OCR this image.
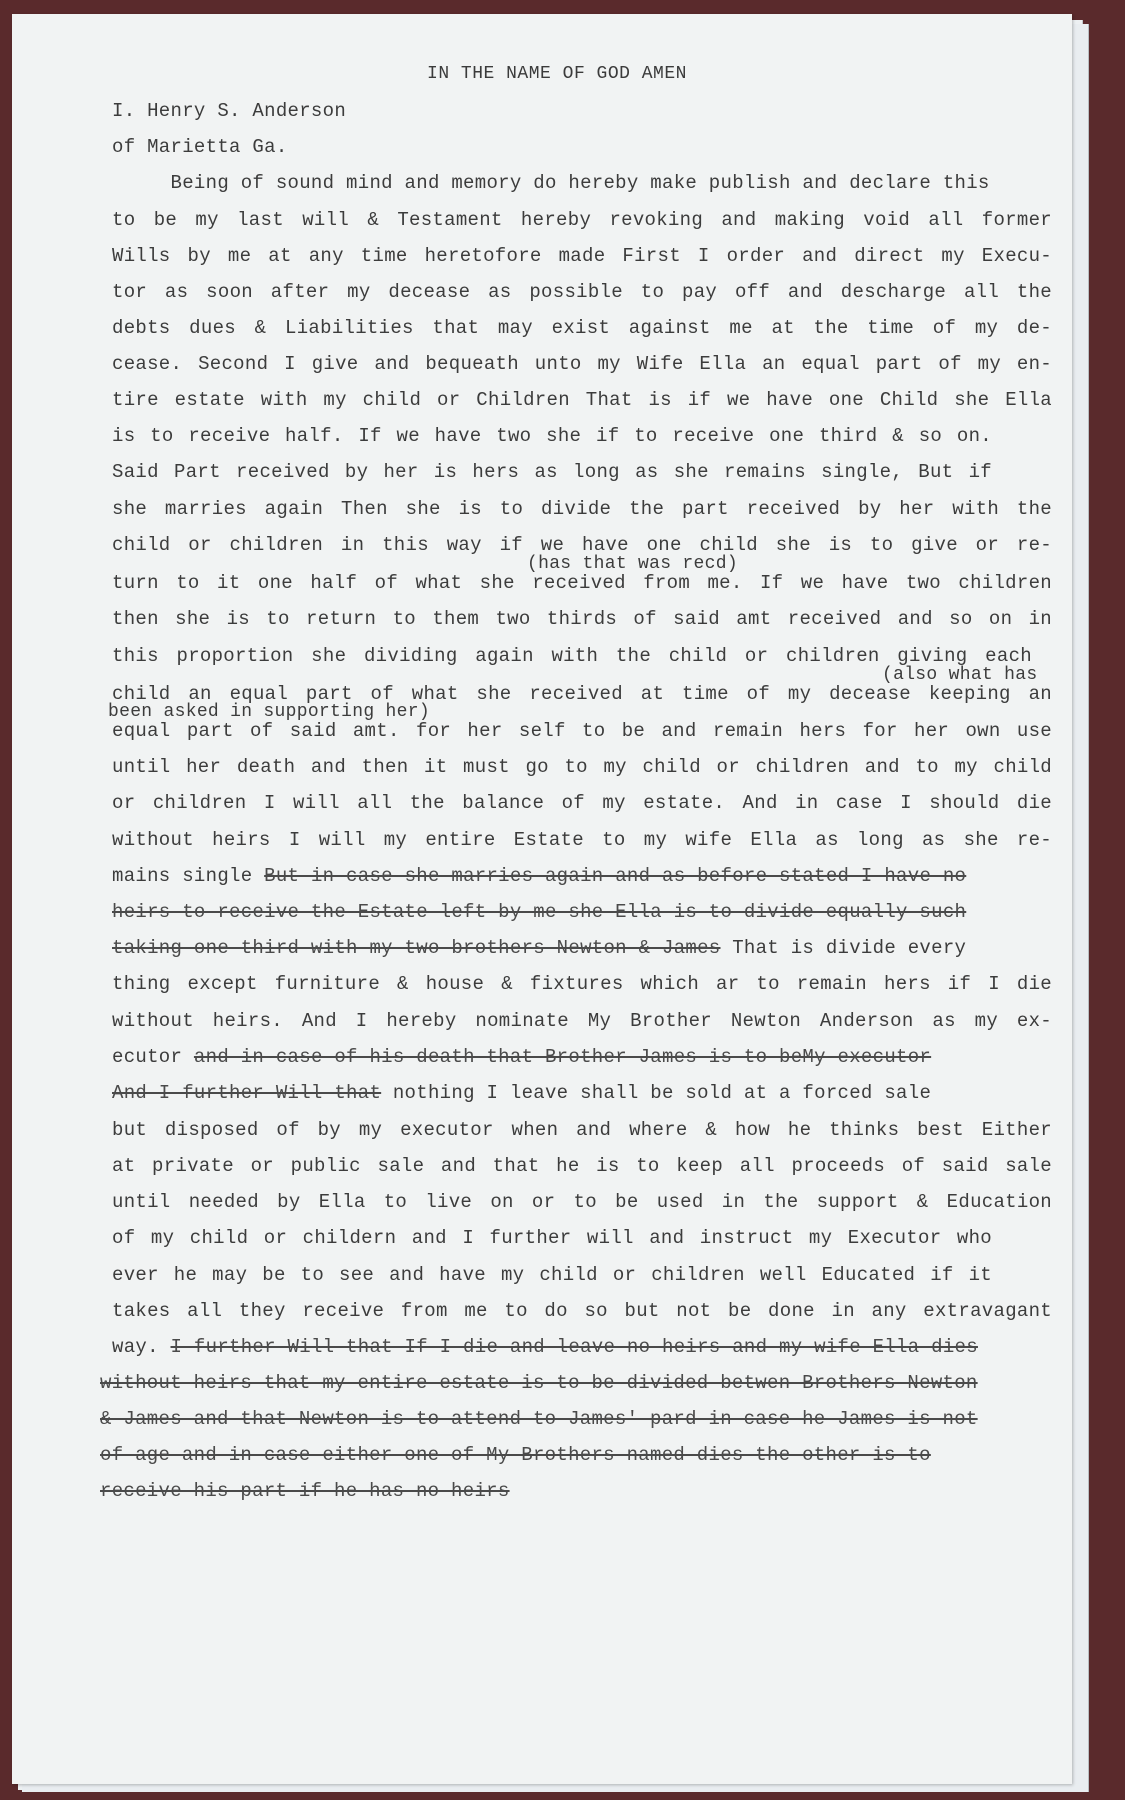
IN THE NAME OF GOD AMEN
I. Henry S. Anderson
of Marietta Ga.
Being of sound mind and memory do hereby make publish and declare this
to be my last will & Testament hereby revoking and making void all former
Wills by me at any time heretofore made First I order and direct my Execu-
tor as soon after my decease as possible to pay off and descharge all the
debts dues & Liabilities that may exist against me at the time of my de-
cease. Second I give and bequeath unto my Wife Ella an equal part of my en-
tire estate with my child or Children That is if we have one Child she Ella
is to receive half. If we have two she if to receive one third & so on.
Said Part received by her is hers as long as she remains single, But if
she marries again Then she is to divide the part received by her with the
child or children in this way if we have one child she is to give or re-
(has that was recd)
turn to it one half of what she received from me. If we have two children
then she is to return to them two thirds of said amt received and so on in
this proportion she dividing again with the child or children giving each
(also what has
child an equal part of what she received at time of my decease keeping an
been asked in supporting her)
equal part of said amt. for her self to be and remain hers for her own use
until her death and then it must go to my child or children and to my child
or children I will all the balance of my estate. And in case I should die
without heirs I will my entire Estate to my wife Ella as long as she re-
mains single But in case she marries again and as before stated I have no
heirs to receive the Estate left by me she Ella is to divide equally such
taking one third with my two brothers Newton & James That is divide every
thing except furniture & house & fixtures which ar to remain hers if I die
without heirs. And I hereby nominate My Brother Newton Anderson as my ex-
ecutor and in case of his death that Brother James is to beMy executor
And I further Will that nothing I leave shall be sold at a forced sale
but disposed of by my executor when and where & how he thinks best Either
at private or public sale and that he is to keep all proceeds of said sale
until needed by Ella to live on or to be used in the support & Education
of my child or childern and I further will and instruct my Executor who
ever he may be to see and have my child or children well Educated if it
takes all they receive from me to do so but not be done in any extravagant
way. I further Will that If I die and leave no heirs and my wife Ella dies
without heirs that my entire estate is to be divided betwen Brothers Newton
& James and that Newton is to attend to James' pard in case he James is not
of age and in case either one of My Brothers named dies the other is to
receive his part if he has no heirs
